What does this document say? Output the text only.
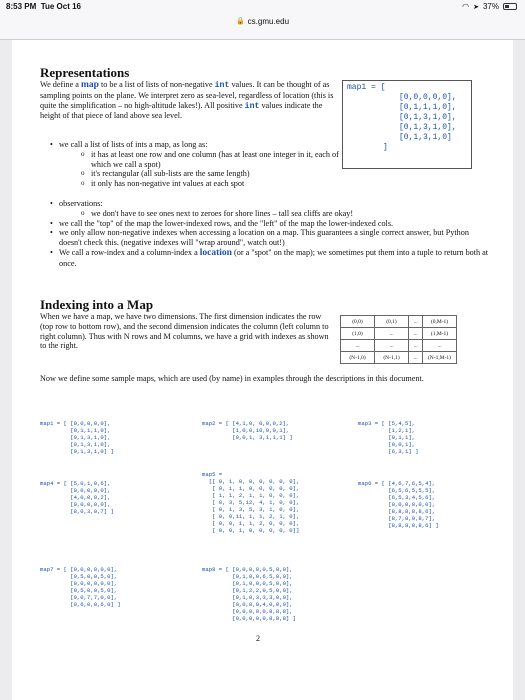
8:53 PM Tue Oct 16	◠ ➤ 37%
🔒 cs.gmu.edu
Representations
We define a map to be a list of lists of non-negative int values. It can be thought of as sampling points on the plane. We interpret zero as sea-level, regardless of location (this is quite the simplification – no high-altitude lakes!). All positive int values indicate the height of that piece of land above sea level.
map1 = [
[0,0,0,0,0],
[0,1,1,1,0],
[0,1,3,1,0],
[0,1,3,1,0],
[0,1,3,1,0]
]
• we call a list of lists of ints a map, as long as:
o it has at least one row and one column (has at least one integer in it, each of which we call a spot)
o it's rectangular (all sub-lists are the same length)
o it only has non-negative int values at each spot
• observations:
o we don't have to see ones next to zeroes for shore lines – tall sea cliffs are okay!
• we call the "top" of the map the lower-indexed rows, and the "left" of the map the lower-indexed cols.
• we only allow non-negative indexes when accessing a location on a map. This guarantees a single correct answer, but Python doesn't check this. (negative indexes will "wrap around", watch out!)
• We call a row-index and a column-index a location (or a "spot" on the map); we sometimes put them into a tuple to return both at once.
Indexing into a Map
When we have a map, we have two dimensions. The first dimension indicates the row (top row to bottom row), and the second dimension indicates the column (left column to right column). Thus with N rows and M columns, we have a grid with indexes as shown to the right.
(0,0)	(0,1)	...	(0,M-1)
(1,0)	...	...	(1,M-1)
...	...	...	...
(N-1,0)	(N-1,1)	...	(N-1,M-1)
Now we define some sample maps, which are used (by name) in examples through the descriptions in this document.
map1 = [ [0,0,0,0,0],
[0,1,1,1,0],
[0,1,3,1,0],
[0,1,3,1,0],
[0,1,3,1,0] ]
map2 = [ [4,1,0, 0,0,0,2],
[1,0,0,10,0,0,1],
[0,0,1, 3,1,1,1] ]
map3 = [ [5,4,5],
[1,2,1],
[0,1,1],
[0,0,1],
[6,3,1] ]
map4 = [ [5,0,1,0,6],
[0,0,0,9,0],
[4,0,0,0,2],
[0,0,0,0,0],
[8,0,3,0,7] ]
map5 =
[[ 0, 1, 0, 0, 0, 0, 0, 0],
[ 0, 1, 1, 0, 0, 0, 0, 0],
[ 1, 1, 2, 1, 1, 0, 0, 0],
[ 0, 3, 5,12, 4, 1, 0, 0],
[ 0, 1, 3, 5, 3, 1, 0, 0],
[ 0, 0,11, 1, 1, 2, 1, 0],
[ 0, 0, 1, 1, 2, 0, 0, 0],
[ 0, 0, 1, 0, 0, 0, 0, 0]]
map6 = [ [4,6,7,6,5,4],
[6,5,6,5,5,5],
[6,5,3,4,5,6],
[0,0,0,0,0,0],
[8,8,8,8,8,6],
[8,7,8,9,8,7],
[8,8,8,8,8,6] ]
map7 = [ [0,0,0,0,0,0],
[0,5,0,0,5,0],
[0,0,0,0,0,0],
[0,5,0,0,5,0],
[0,0,7,7,0,0],
[0,6,0,0,6,0] ]
map8 = [ [0,0,0,0,0,5,0,0],
[0,1,0,0,6,5,0,0],
[0,1,0,0,0,5,0,0],
[0,1,2,2,0,5,0,0],
[0,1,0,3,3,3,0,0],
[0,0,0,0,4,0,0,0],
[0,0,0,0,0,8,8,8],
[0,0,0,0,0,8,8,8] ]
2
